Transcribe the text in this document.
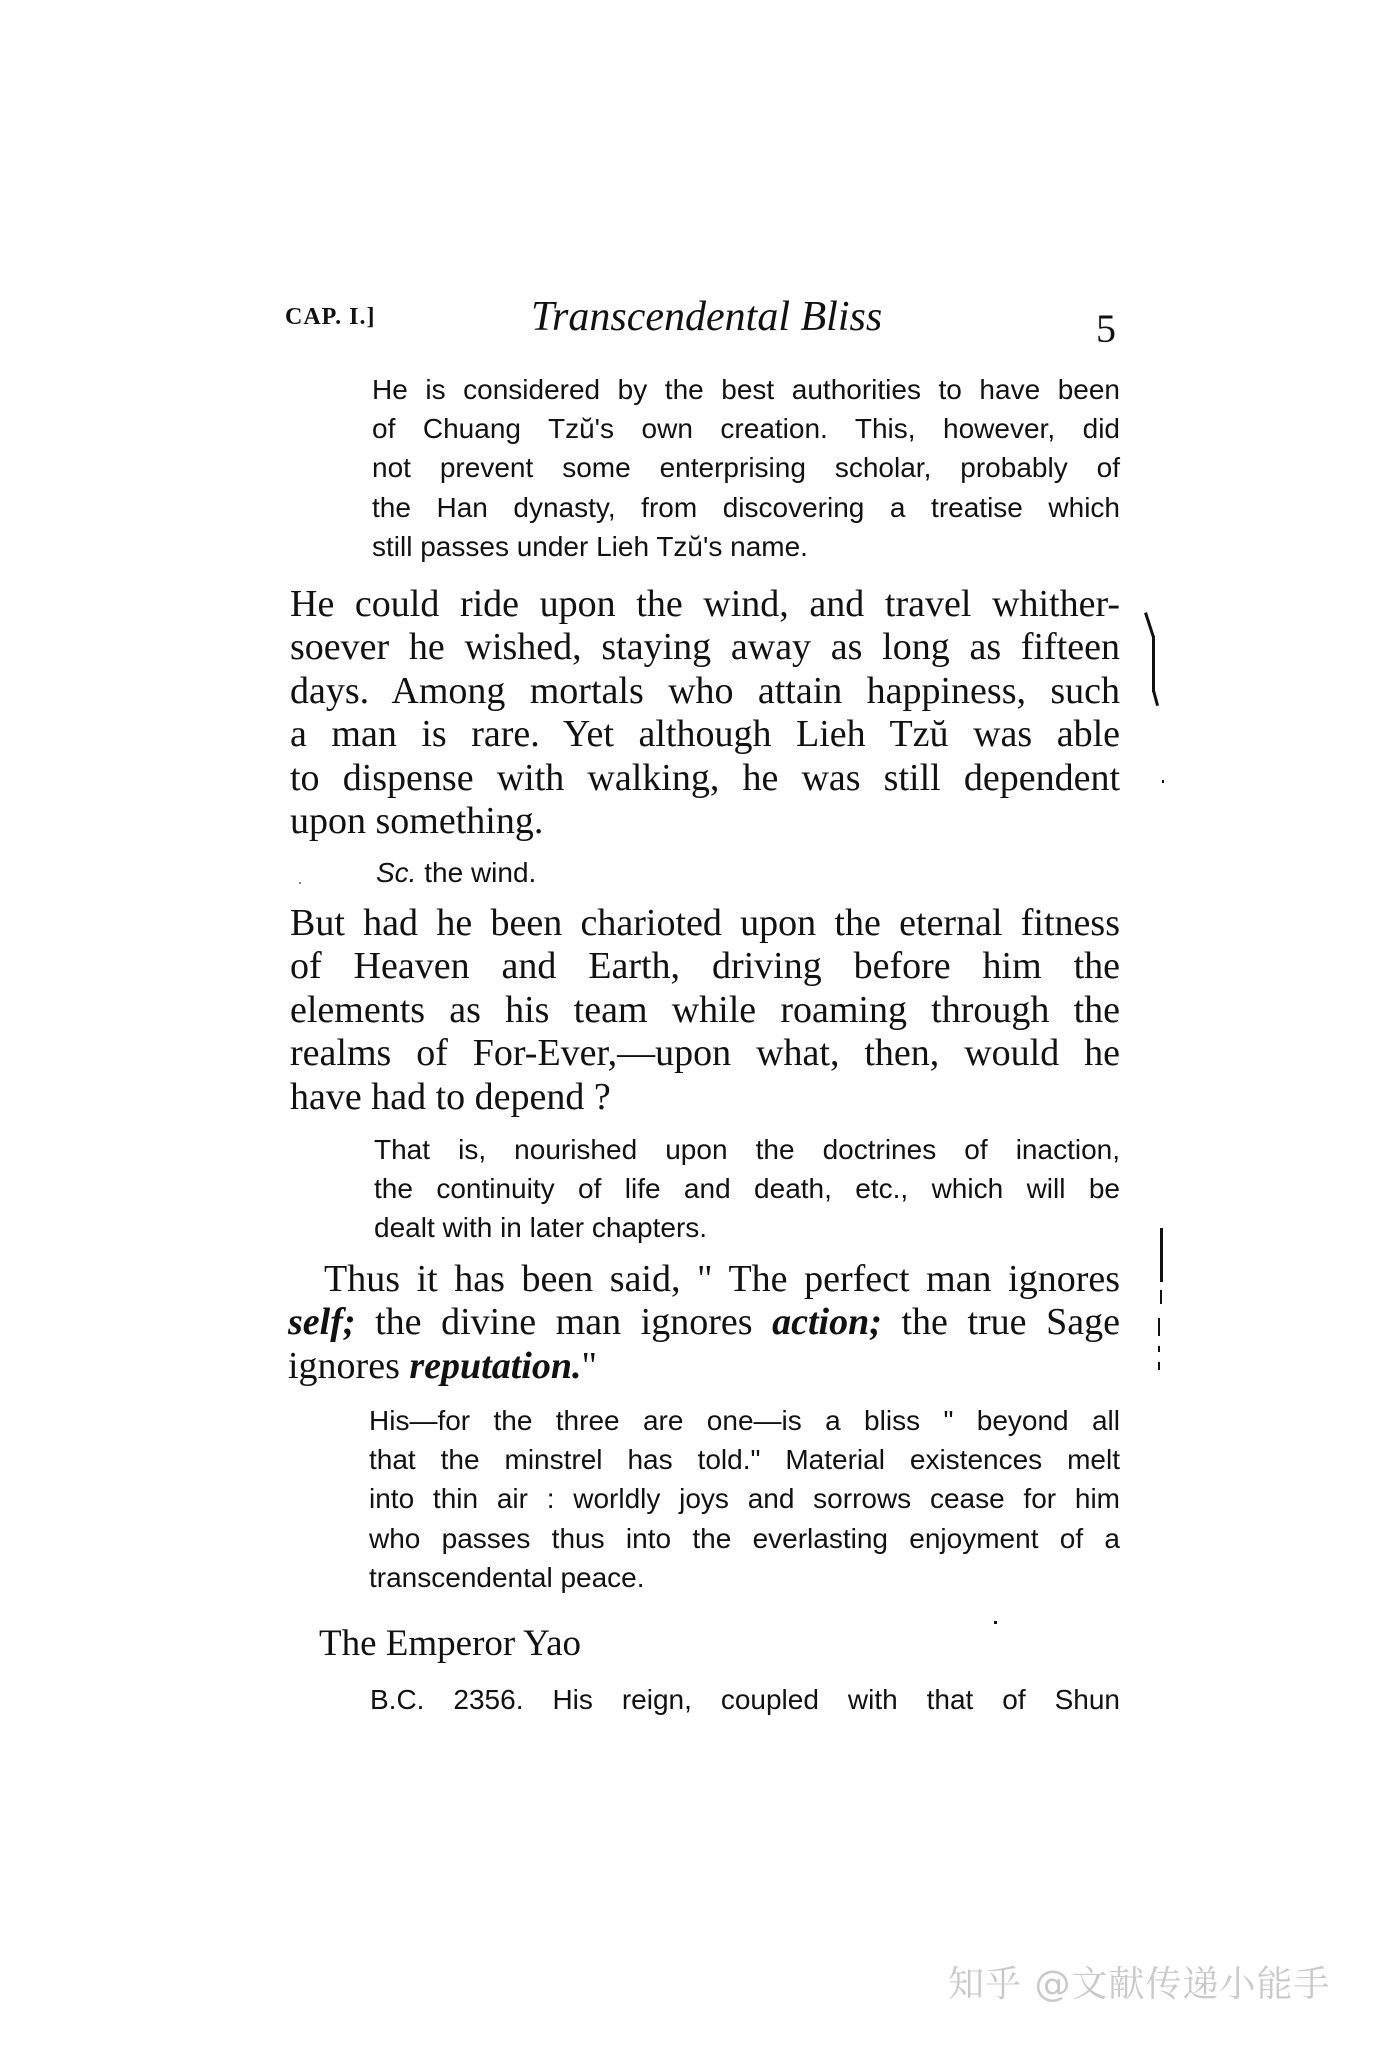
CAP. I.]	Transcendental Bliss	5
He is considered by the best authorities to have been
of Chuang Tzŭ's own creation. This, however, did
not prevent some enterprising scholar, probably of
the Han dynasty, from discovering a treatise which
still passes under Lieh Tzŭ's name.
He could ride upon the wind, and travel whither-
soever he wished, staying away as long as fifteen
days. Among mortals who attain happiness, such
a man is rare. Yet although Lieh Tzŭ was able
to dispense with walking, he was still dependent
upon something.
Sc. the wind.
But had he been charioted upon the eternal fitness
of Heaven and Earth, driving before him the
elements as his team while roaming through the
realms of For-Ever,—upon what, then, would he
have had to depend ?
That is, nourished upon the doctrines of inaction,
the continuity of life and death, etc., which will be
dealt with in later chapters.
Thus it has been said, " The perfect man ignores
self; the divine man ignores action; the true Sage
ignores reputation."
His—for the three are one—is a bliss " beyond all
that the minstrel has told." Material existences melt
into thin air : worldly joys and sorrows cease for him
who passes thus into the everlasting enjoyment of a
transcendental peace.
The Emperor Yao
B.C. 2356. His reign, coupled with that of Shun
知乎 @文献传递小能手
